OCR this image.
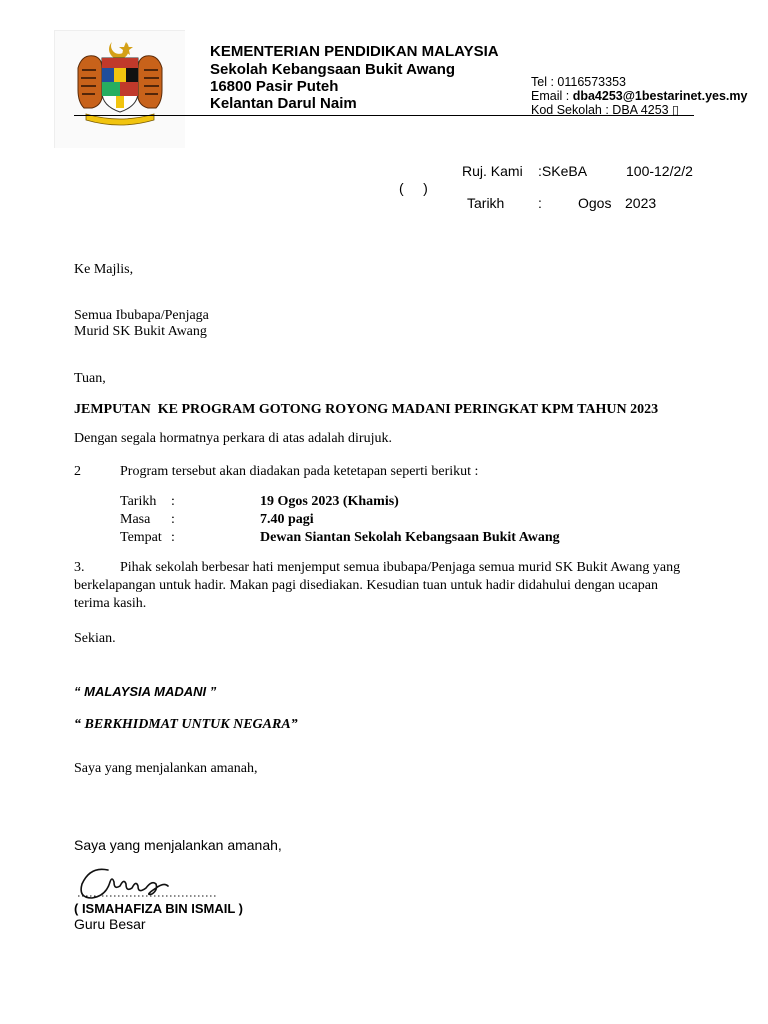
KEMENTERIAN PENDIDIKAN MALAYSIA
Sekolah Kebangsaan Bukit Awang
16800 Pasir Puteh
Kelantan Darul Naim
Tel : 0116573353
Email : dba4253@1bestarinet.yes.my
Kod Sekolah : DBA 4253 ▯
Ruj. Kami :SKeBA	100-12/2/2
(     )
Tarikh :	Ogos 2023
Ke Majlis,
Semua Ibubapa/Penjaga
Murid SK Bukit Awang
Tuan,
JEMPUTAN  KE PROGRAM GOTONG ROYONG MADANI PERINGKAT KPM TAHUN 2023
Dengan segala hormatnya perkara di atas adalah dirujuk.
2	Program tersebut akan diadakan pada ketetapan seperti berikut :
Tarikh :	19 Ogos 2023 (Khamis)
Masa :	7.40 pagi
Tempat :	Dewan Siantan Sekolah Kebangsaan Bukit Awang
3.	Pihak sekolah berbesar hati menjemput semua ibubapa/Penjaga semua murid SK Bukit Awang yang
berkelapangan untuk hadir. Makan pagi disediakan. Kesudian tuan untuk hadir didahului dengan ucapan
terima kasih.
Sekian.
“ MALAYSIA MADANI ”
“ BERKHIDMAT UNTUK NEGARA”
Saya yang menjalankan amanah,
Saya yang menjalankan amanah,
( ISMAHAFIZA BIN ISMAIL )
Guru Besar
